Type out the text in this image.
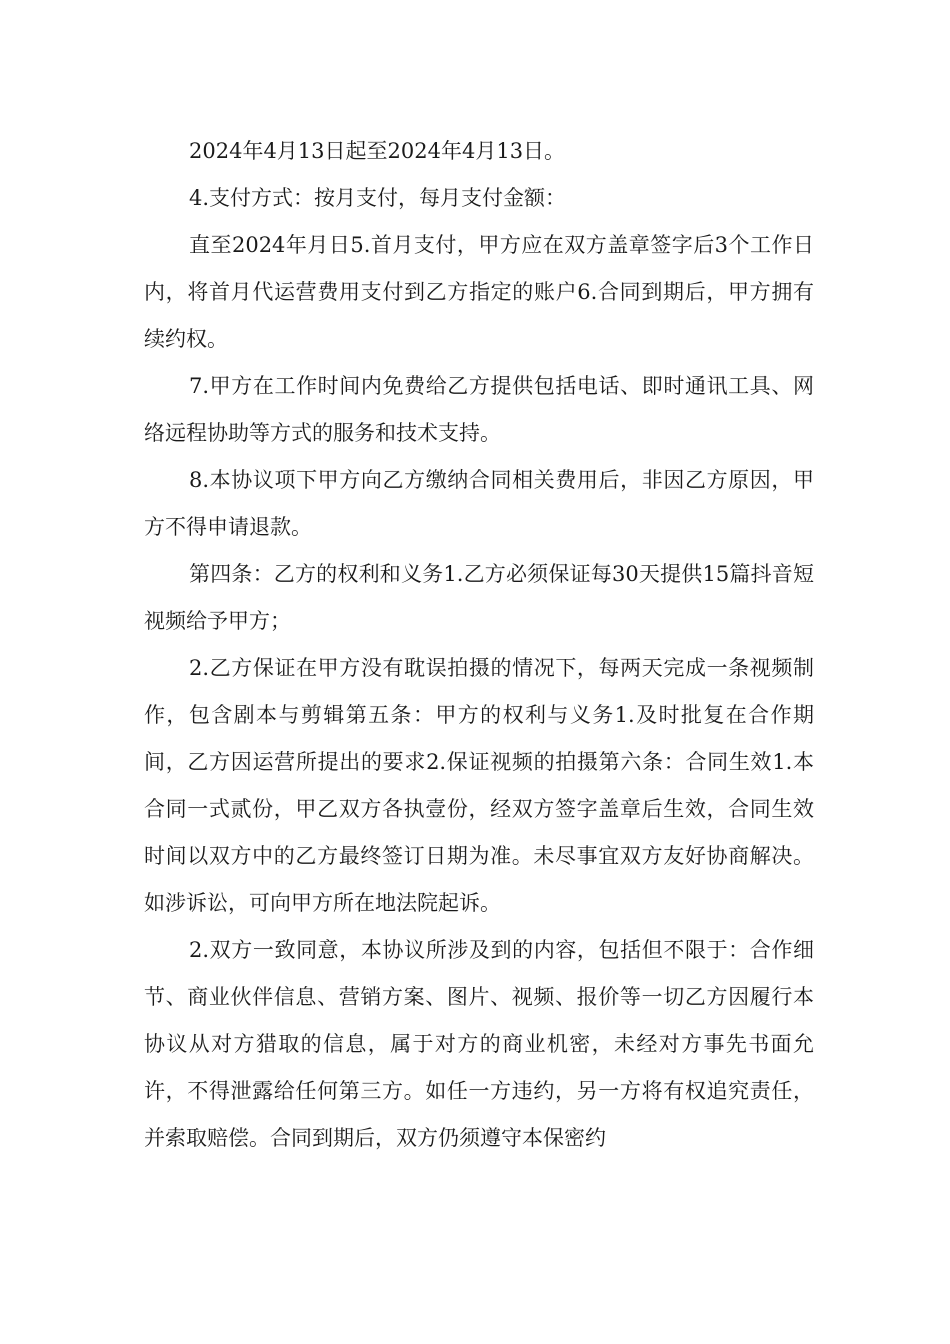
2024年4月13日起至2024年4月13日。

4.支付方式：按月支付，每月支付金额：

直至2024年月日5.首月支付，甲方应在双方盖章签字后3个工作日内，将首月代运营费用支付到乙方指定的账户6.合同到期后，甲方拥有续约权。

7.甲方在工作时间内免费给乙方提供包括电话、即时通讯工具、网络远程协助等方式的服务和技术支持。

8.本协议项下甲方向乙方缴纳合同相关费用后，非因乙方原因，甲方不得申请退款。

第四条：乙方的权利和义务1.乙方必须保证每30天提供15篇抖音短视频给予甲方；

2.乙方保证在甲方没有耽误拍摄的情况下，每两天完成一条视频制作，包含剧本与剪辑第五条：甲方的权利与义务1.及时批复在合作期间，乙方因运营所提出的要求2.保证视频的拍摄第六条：合同生效1.本合同一式贰份，甲乙双方各执壹份，经双方签字盖章后生效，合同生效时间以双方中的乙方最终签订日期为准。未尽事宜双方友好协商解决。如涉诉讼，可向甲方所在地法院起诉。

2.双方一致同意，本协议所涉及到的内容，包括但不限于：合作细节、商业伙伴信息、营销方案、图片、视频、报价等一切乙方因履行本协议从对方猎取的信息，属于对方的商业机密，未经对方事先书面允许，不得泄露给任何第三方。如任一方违约，另一方将有权追究责任，并索取赔偿。合同到期后，双方仍须遵守本保密约
